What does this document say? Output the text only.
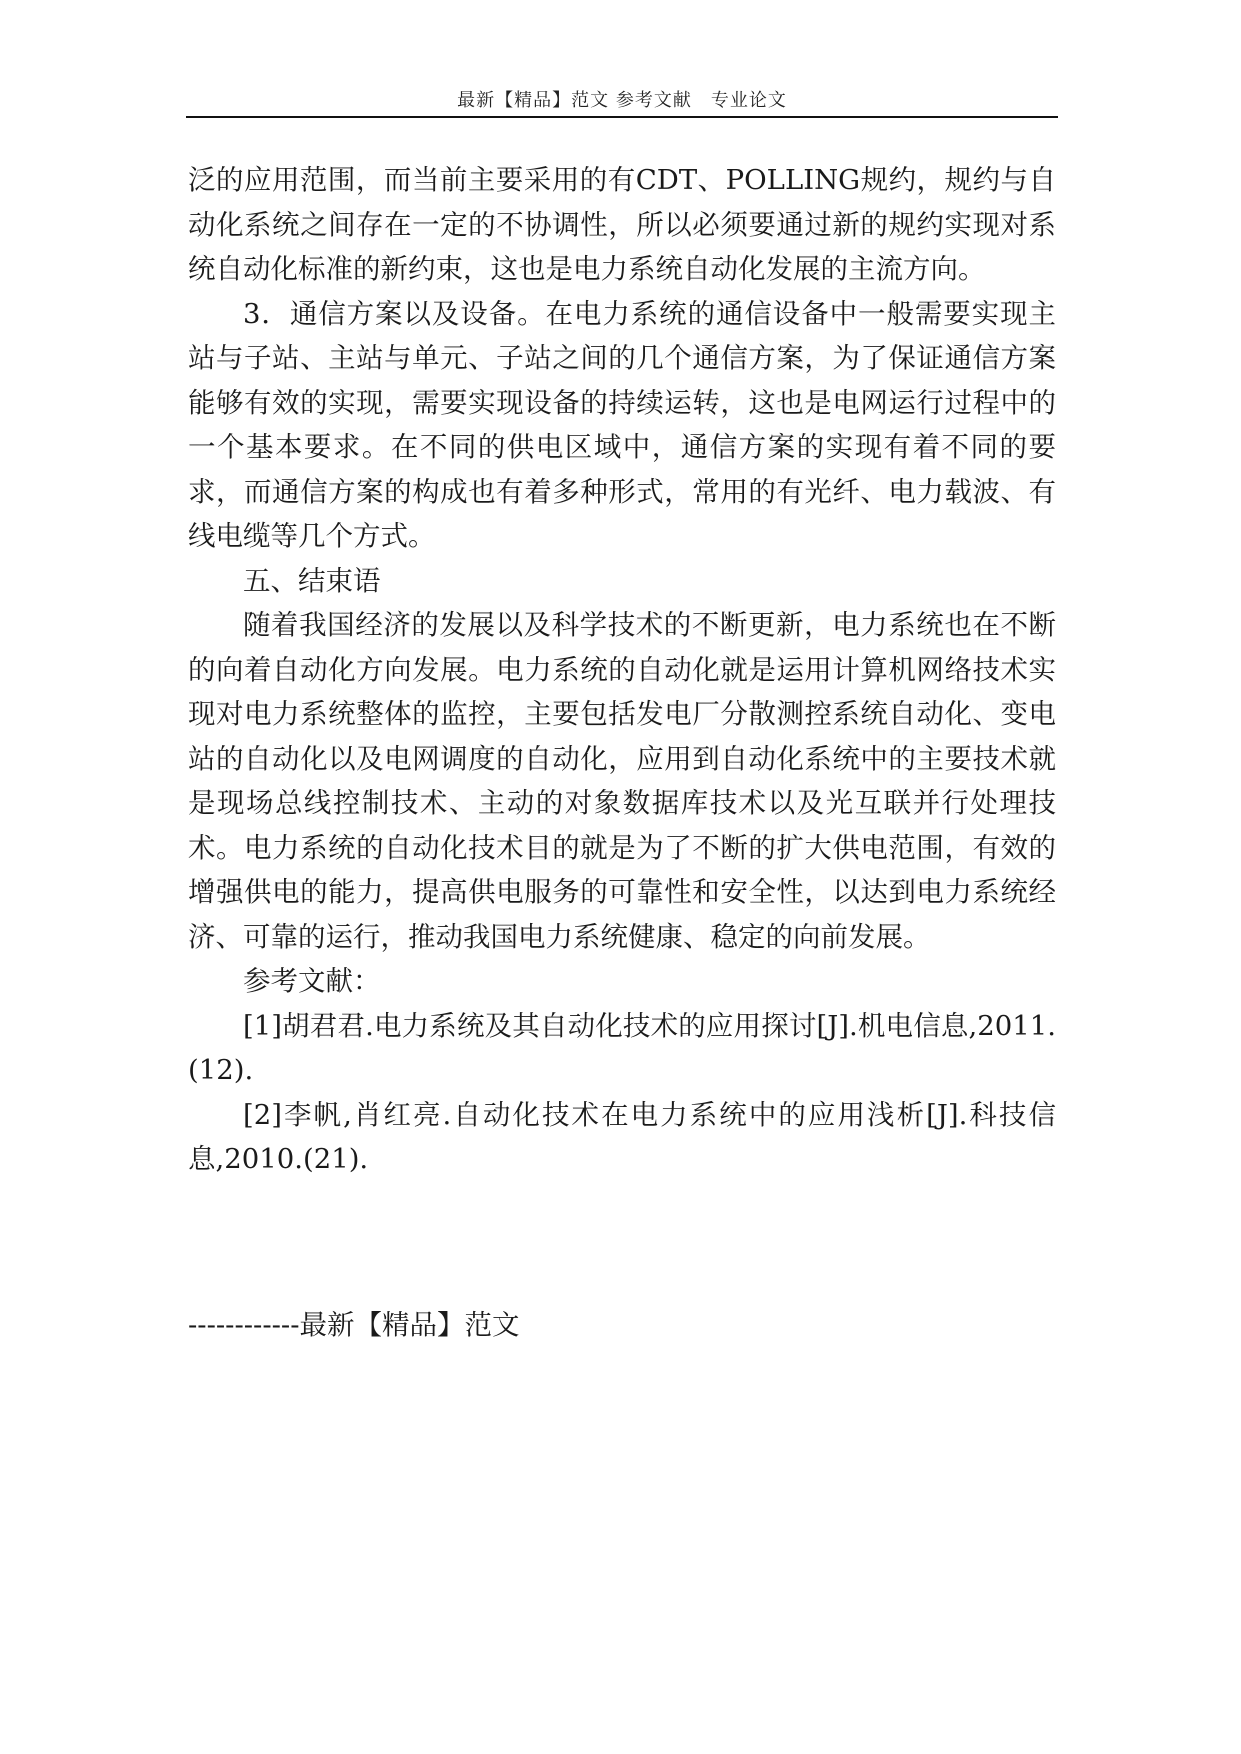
最新【精品】范文 参考文献　专业论文

泛的应用范围，而当前主要采用的有CDT、POLLING规约，规约与自动化系统之间存在一定的不协调性，所以必须要通过新的规约实现对系统自动化标准的新约束，这也是电力系统自动化发展的主流方向。

3．通信方案以及设备。在电力系统的通信设备中一般需要实现主站与子站、主站与单元、子站之间的几个通信方案，为了保证通信方案能够有效的实现，需要实现设备的持续运转，这也是电网运行过程中的一个基本要求。在不同的供电区域中，通信方案的实现有着不同的要求，而通信方案的构成也有着多种形式，常用的有光纤、电力载波、有线电缆等几个方式。

五、结束语

随着我国经济的发展以及科学技术的不断更新，电力系统也在不断的向着自动化方向发展。电力系统的自动化就是运用计算机网络技术实现对电力系统整体的监控，主要包括发电厂分散测控系统自动化、变电站的自动化以及电网调度的自动化，应用到自动化系统中的主要技术就是现场总线控制技术、主动的对象数据库技术以及光互联并行处理技术。电力系统的自动化技术目的就是为了不断的扩大供电范围，有效的增强供电的能力，提高供电服务的可靠性和安全性，以达到电力系统经济、可靠的运行，推动我国电力系统健康、稳定的向前发展。

参考文献：

[1]胡君君.电力系统及其自动化技术的应用探讨[J].机电信息,2011.(12).

[2]李帆,肖红亮.自动化技术在电力系统中的应用浅析[J].科技信息,2010.(21).

------------最新【精品】范文
